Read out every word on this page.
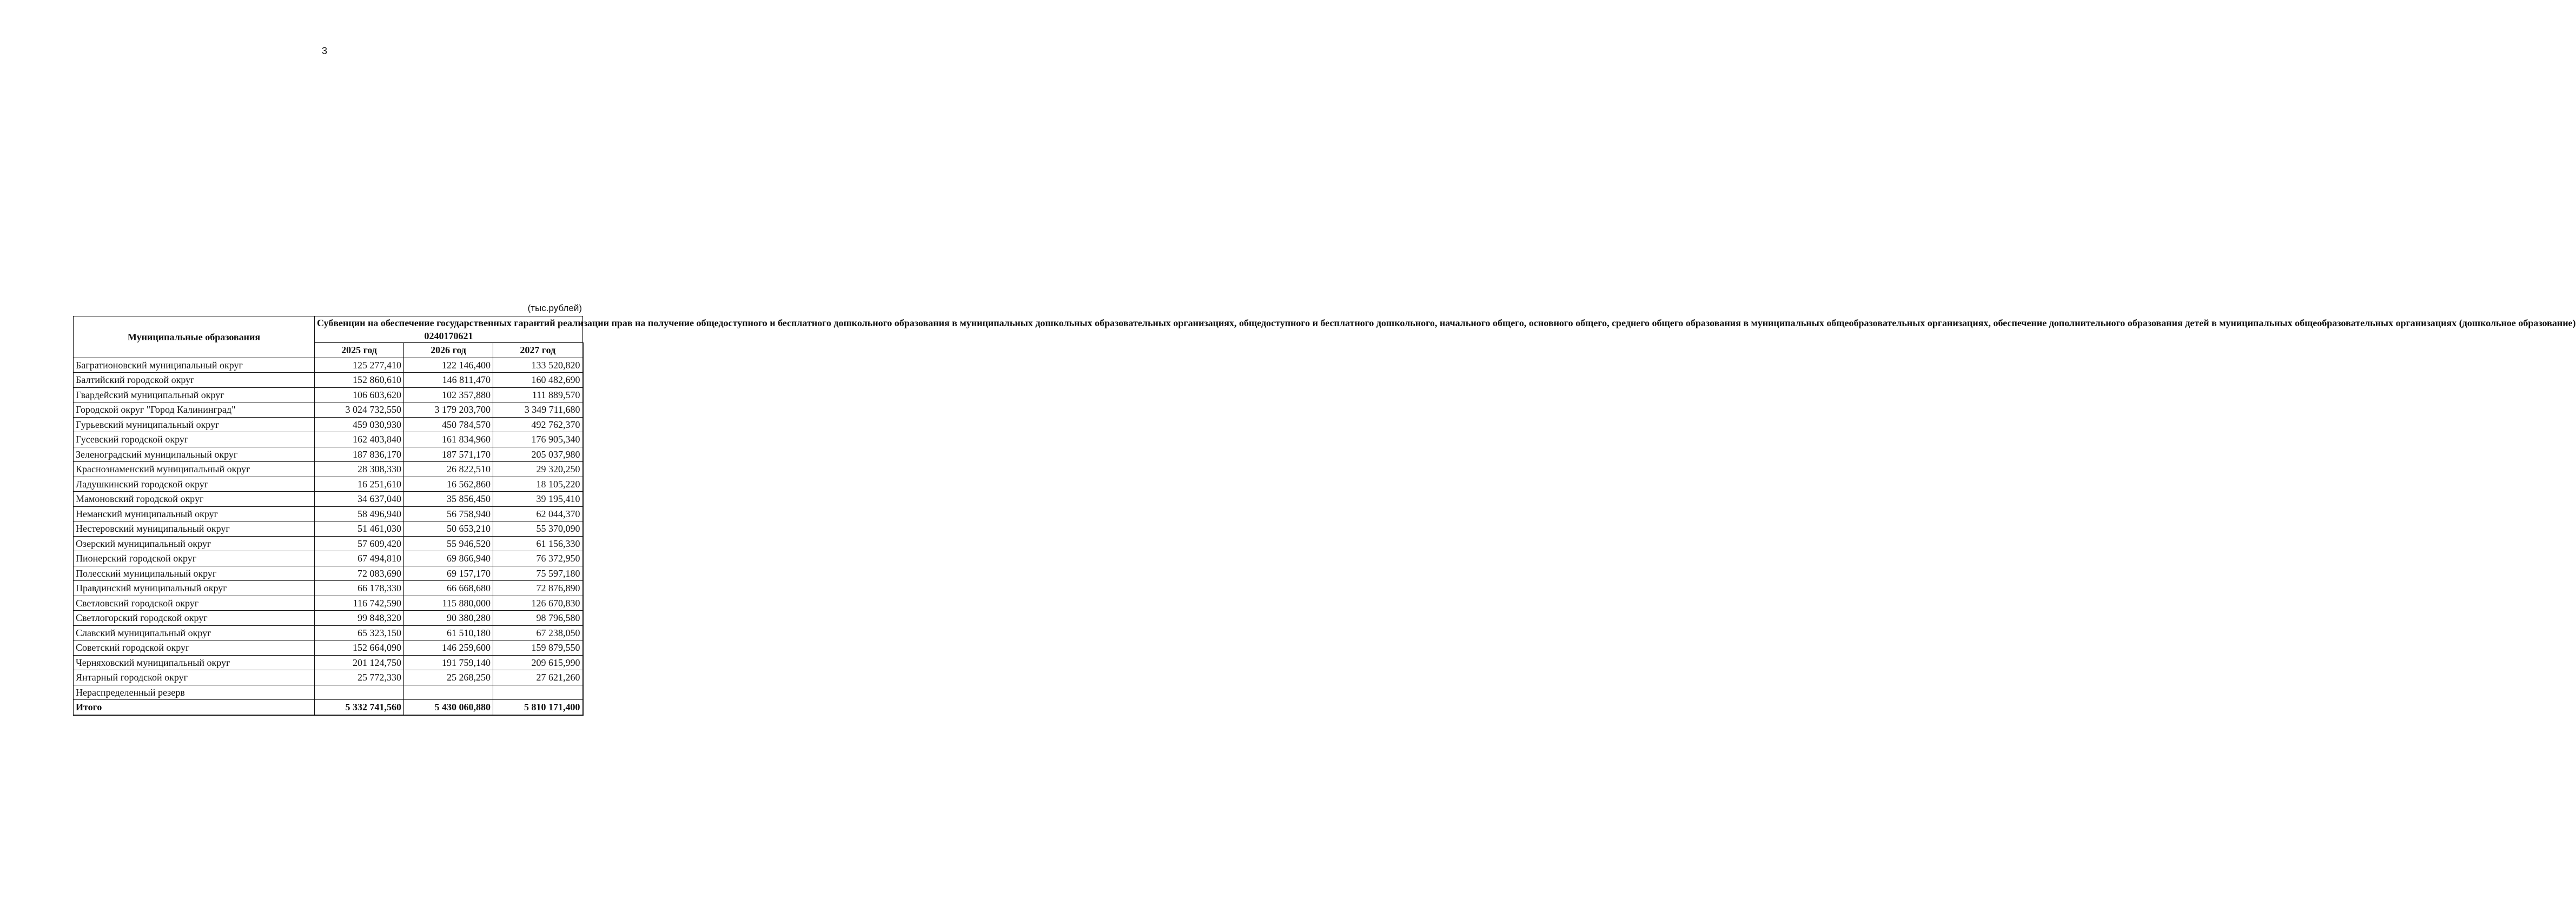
3
(тыс.рублей)
Муниципальные образования	Субвенции на обеспечение государственных гарантий реализации прав на получение общедоступного и бесплатного дошкольного образования в муниципальных дошкольных образовательных организациях, общедоступного и бесплатного дошкольного, начального общего, основного общего, среднего общего образования в муниципальных общеобразовательных организациях, обеспечение дополнительного образования детей в муниципальных общеобразовательных организациях (дошкольное образование)
0240170621		
	2025 год	2026 год	2027 год
Багратионовский муниципальный округ	125 277,410	122 146,400	133 520,820
Балтийский городской округ	152 860,610	146 811,470	160 482,690
Гвардейский муниципальный округ	106 603,620	102 357,880	111 889,570
Городской округ "Город Калининград"	3 024 732,550	3 179 203,700	3 349 711,680
Гурьевский муниципальный округ	459 030,930	450 784,570	492 762,370
Гусевский городской округ	162 403,840	161 834,960	176 905,340
Зеленоградский муниципальный округ	187 836,170	187 571,170	205 037,980
Краснознаменский муниципальный округ	28 308,330	26 822,510	29 320,250
Ладушкинский городской округ	16 251,610	16 562,860	18 105,220
Мамоновский городской округ	34 637,040	35 856,450	39 195,410
Неманский муниципальный округ	58 496,940	56 758,940	62 044,370
Нестеровский муниципальный округ	51 461,030	50 653,210	55 370,090
Озерский муниципальный округ	57 609,420	55 946,520	61 156,330
Пионерский городской округ	67 494,810	69 866,940	76 372,950
Полесский муниципальный округ	72 083,690	69 157,170	75 597,180
Правдинский муниципальный округ	66 178,330	66 668,680	72 876,890
Светловский городской округ	116 742,590	115 880,000	126 670,830
Светлогорский городской округ	99 848,320	90 380,280	98 796,580
Славский муниципальный округ	65 323,150	61 510,180	67 238,050
Советский городской округ	152 664,090	146 259,600	159 879,550
Черняховский муниципальный округ	201 124,750	191 759,140	209 615,990
Янтарный городской округ	25 772,330	25 268,250	27 621,260
Нераспределенный резерв			
Итого	5 332 741,560	5 430 060,880	5 810 171,400
